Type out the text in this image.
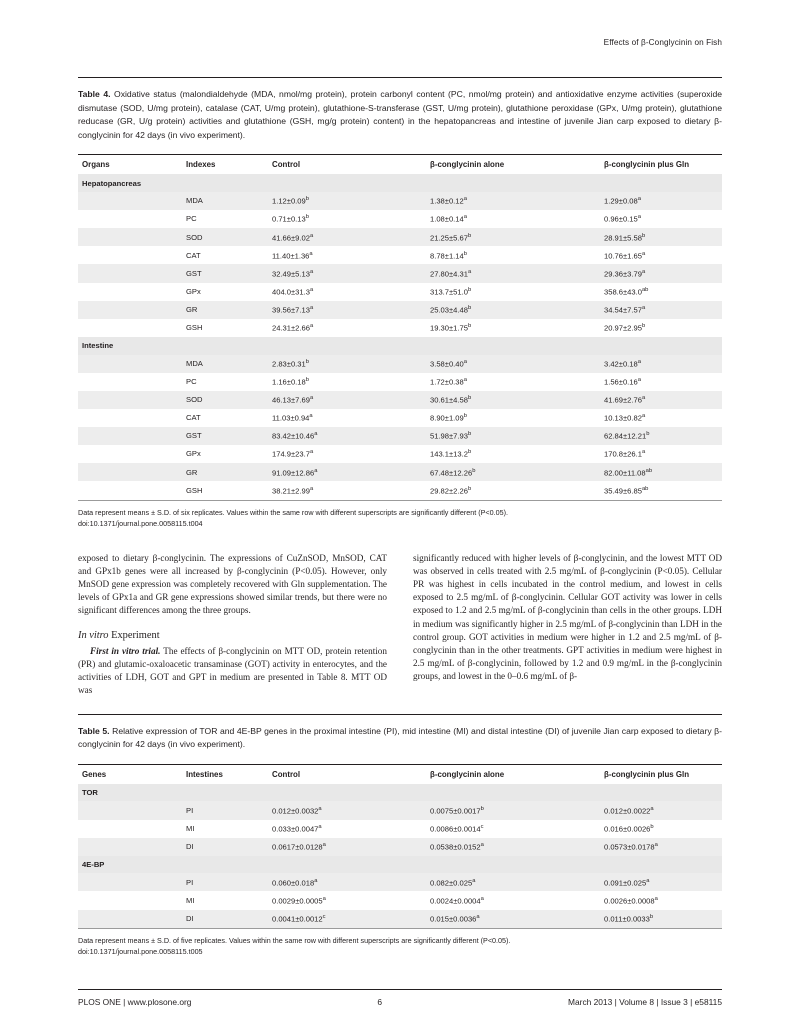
Effects of β-Conglycinin on Fish

Table 4. Oxidative status (malondialdehyde (MDA, nmol/mg protein), protein carbonyl content (PC, nmol/mg protein) and antioxidative enzyme activities (superoxide dismutase (SOD, U/mg protein), catalase (CAT, U/mg protein), glutathione-S-transferase (GST, U/mg protein), glutathione peroxidase (GPx, U/mg protein), glutathione reducase (GR, U/g protein) activities and glutathione (GSH, mg/g protein) content) in the hepatopancreas and intestine of juvenile Jian carp exposed to dietary β-conglycinin for 42 days (in vivo experiment).

Organs	Indexes	Control	β-conglycinin alone	β-conglycinin plus Gln
Hepatopancreas				
	MDA	1.12±0.09$^b$	1.38±0.12$^a$	1.29±0.08$^a$
	PC	0.71±0.13$^b$	1.08±0.14$^a$	0.96±0.15$^a$
	SOD	41.66±9.02$^a$	21.25±5.67$^b$	28.91±5.58$^b$
	CAT	11.40±1.36$^a$	8.78±1.14$^b$	10.76±1.65$^a$
	GST	32.49±5.13$^a$	27.80±4.31$^a$	29.36±3.79$^a$
	GPx	404.0±31.3$^a$	313.7±51.0$^b$	358.6±43.0$^{ab}$
	GR	39.56±7.13$^a$	25.03±4.48$^b$	34.54±7.57$^a$
	GSH	24.31±2.66$^a$	19.30±1.75$^b$	20.97±2.95$^b$
Intestine				
	MDA	2.83±0.31$^b$	3.58±0.40$^a$	3.42±0.18$^a$
	PC	1.16±0.18$^b$	1.72±0.38$^a$	1.56±0.16$^a$
	SOD	46.13±7.69$^a$	30.61±4.58$^b$	41.69±2.76$^a$
	CAT	11.03±0.94$^a$	8.90±1.09$^b$	10.13±0.82$^a$
	GST	83.42±10.46$^a$	51.98±7.93$^b$	62.84±12.21$^b$
	GPx	174.9±23.7$^a$	143.1±13.2$^b$	170.8±26.1$^a$
	GR	91.09±12.86$^a$	67.48±12.26$^b$	82.00±11.08$^{ab}$
	GSH	38.21±2.99$^a$	29.82±2.26$^b$	35.49±6.85$^{ab}$
Data represent means ± S.D. of six replicates. Values within the same row with different superscripts are significantly different (P<0.05).
doi:10.1371/journal.pone.0058115.t004

exposed to dietary β-conglycinin. The expressions of CuZnSOD, MnSOD, CAT and GPx1b genes were all increased by β-conglycinin (P<0.05). However, only MnSOD gene expression was completely recovered with Gln supplementation. The levels of GPx1a and GR gene expressions showed similar trends, but there were no significant differences among the three groups.

In vitro Experiment

First in vitro trial. The effects of β-conglycinin on MTT OD, protein retention (PR) and glutamic-oxaloacetic transaminase (GOT) activity in enterocytes, and the activities of LDH, GOT and GPT in medium are presented in Table 8. MTT OD was

significantly reduced with higher levels of β-conglycinin, and the lowest MTT OD was observed in cells treated with 2.5 mg/mL of β-conglycinin (P<0.05). Cellular PR was highest in cells incubated in the control medium, and lowest in cells exposed to 2.5 mg/mL of β-conglycinin. Cellular GOT activity was lower in cells exposed to 1.2 and 2.5 mg/mL of β-conglycinin than cells in the other groups. LDH in medium was significantly higher in 2.5 mg/mL of β-conglycinin than LDH in the control group. GOT activities in medium were higher in 1.2 and 2.5 mg/mL of β-conglycinin than in the other treatments. GPT activities in medium were highest in 2.5 mg/mL of β-conglycinin, followed by 1.2 and 0.9 mg/mL in the β-conglycinin groups, and lowest in the 0–0.6 mg/mL of β-

Table 5. Relative expression of TOR and 4E-BP genes in the proximal intestine (PI), mid intestine (MI) and distal intestine (DI) of juvenile Jian carp exposed to dietary β-conglycinin for 42 days (in vivo experiment).

Genes	Intestines	Control	β-conglycinin alone	β-conglycinin plus Gln
TOR				
	PI	0.012±0.0032$^a$	0.0075±0.0017$^b$	0.012±0.0022$^a$
	MI	0.033±0.0047$^a$	0.0086±0.0014$^c$	0.016±0.0026$^b$
	DI	0.0617±0.0128$^a$	0.0538±0.0152$^a$	0.0573±0.0178$^a$
4E-BP				
	PI	0.060±0.018$^a$	0.082±0.025$^a$	0.091±0.025$^a$
	MI	0.0029±0.0005$^a$	0.0024±0.0004$^a$	0.0026±0.0008$^a$
	DI	0.0041±0.0012$^c$	0.015±0.0036$^a$	0.011±0.0033$^b$
Data represent means ± S.D. of five replicates. Values within the same row with different superscripts are significantly different (P<0.05).
doi:10.1371/journal.pone.0058115.t005
PLOS ONE | www.plosone.org	6	March 2013 | Volume 8 | Issue 3 | e58115
